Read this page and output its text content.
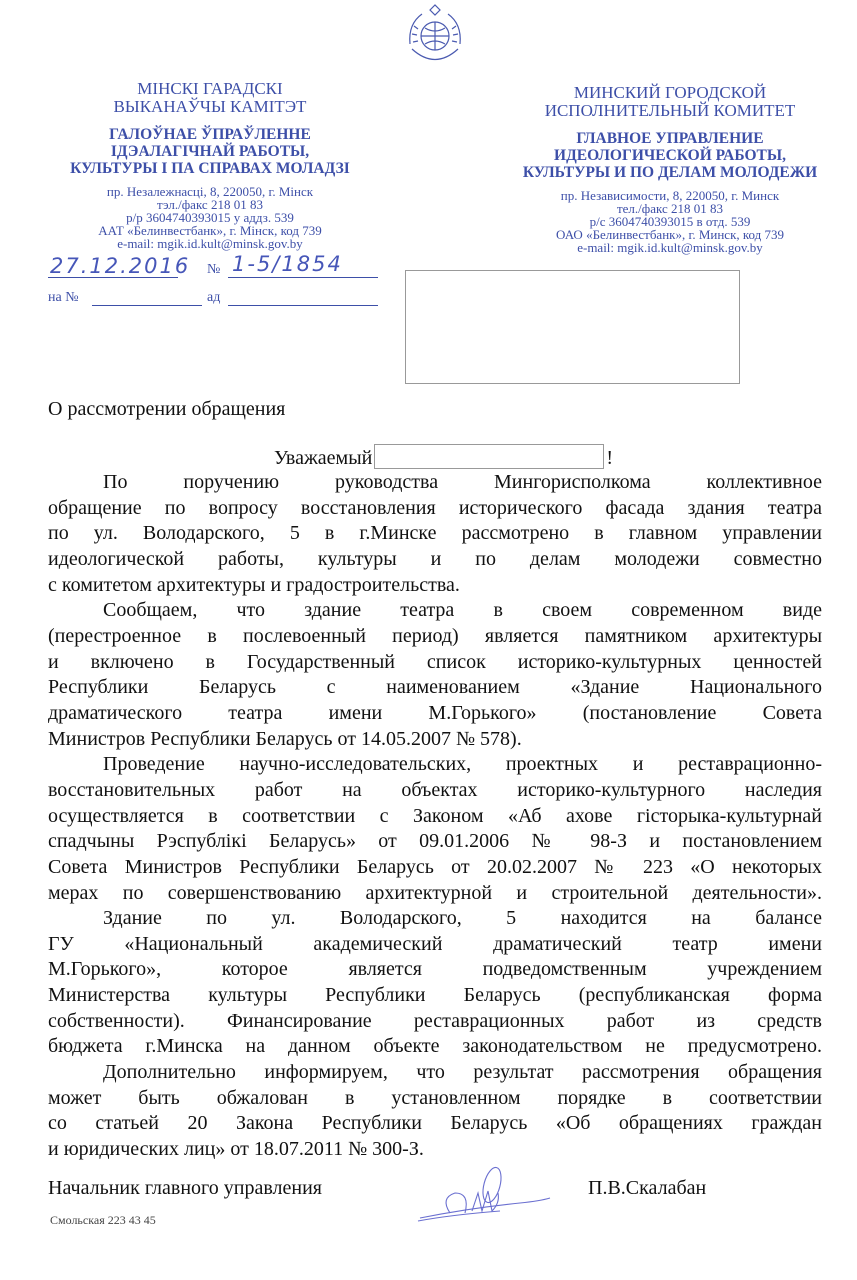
МІНСКІ ГАРАДСКІ
ВЫКАНАЎЧЫ КАМІТЭТ
ГАЛОЎНАЕ ЎПРАЎЛЕННЕ
ІДЭАЛАГІЧНАЙ РАБОТЫ,
КУЛЬТУРЫ І ПА СПРАВАХ МОЛАДЗІ
пр. Незалежнасці, 8, 220050, г. Мінск
тэл./факс 218 01 83
р/р 3604740393015 у аддз. 539
ААТ «Белинвестбанк», г. Мінск, код 739
e-mail: mgik.id.kult@minsk.gov.by
МИНСКИЙ ГОРОДСКОЙ
ИСПОЛНИТЕЛЬНЫЙ КОМИТЕТ
ГЛАВНОЕ УПРАВЛЕНИЕ
ИДЕОЛОГИЧЕСКОЙ РАБОТЫ,
КУЛЬТУРЫ И ПО ДЕЛАМ МОЛОДЕЖИ
пр. Независимости, 8, 220050, г. Минск
тел./факс 218 01 83
р/с 3604740393015 в отд. 539
ОАО «Белинвестбанк», г. Минск, код 739
e-mail: mgik.id.kult@minsk.gov.by
27.12.2016 № 1-5/1854
на №	ад
О рассмотрении обращения
Уважаемый	!
По поручению руководства Мингорисполкома коллективное
обращение по вопросу восстановления исторического фасада здания театра
по ул. Володарского, 5 в г.Минске рассмотрено в главном управлении
идеологической работы, культуры и по делам молодежи совместно
с комитетом архитектуры и градостроительства.
Сообщаем, что здание театра в своем современном виде
(перестроенное в послевоенный период) является памятником архитектуры
и включено в Государственный список историко-культурных ценностей
Республики Беларусь с наименованием «Здание Национального
драматического театра имени М.Горького» (постановление Совета
Министров Республики Беларусь от 14.05.2007 № 578).
Проведение научно-исследовательских, проектных и реставрационно-
восстановительных работ на объектах историко-культурного наследия
осуществляется в соответствии с Законом «Аб ахове гісторыка-культурнай
спадчыны Рэспублікі Беларусь» от 09.01.2006 № 98-З и постановлением
Совета Министров Республики Беларусь от 20.02.2007 № 223 «О некоторых
мерах по совершенствованию архитектурной и строительной деятельности».
Здание по ул. Володарского, 5 находится на балансе
ГУ «Национальный академический драматический театр имени
М.Горького», которое является подведомственным учреждением
Министерства культуры Республики Беларусь (республиканская форма
собственности). Финансирование реставрационных работ из средств
бюджета г.Минска на данном объекте законодательством не предусмотрено.
Дополнительно информируем, что результат рассмотрения обращения
может быть обжалован в установленном порядке в соответствии
со статьей 20 Закона Республики Беларусь «Об обращениях граждан
и юридических лиц» от 18.07.2011 № 300-З.
Начальник главного управления	П.В.Скалабан
Смольская 223 43 45
